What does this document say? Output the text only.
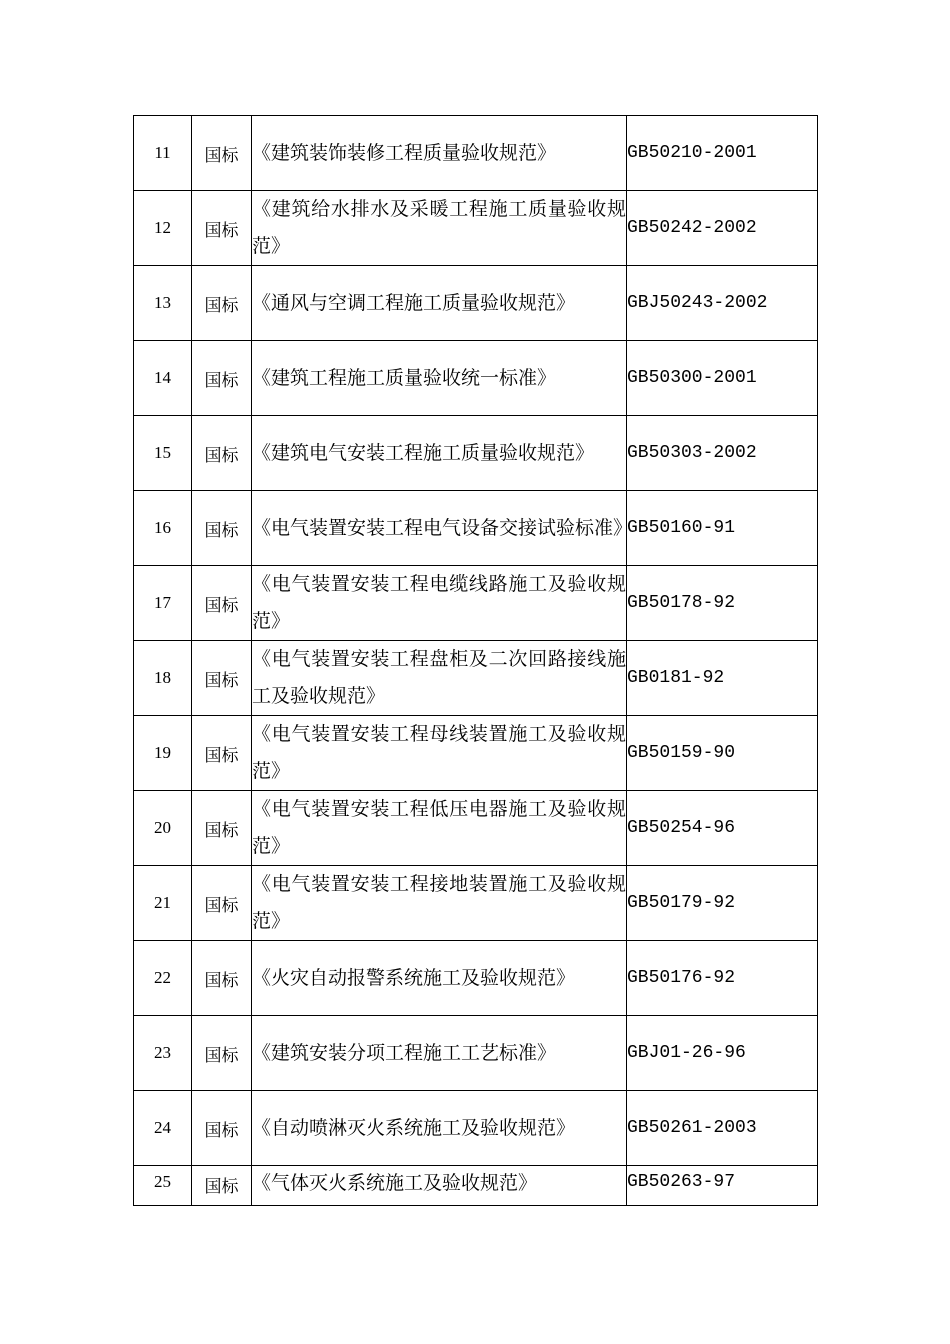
11	国标	《建筑装饰装修工程质量验收规范》	GB50210-2001
12	国标	《建筑给水排水及采暖工程施工质量验收规范》	GB50242-2002
13	国标	《通风与空调工程施工质量验收规范》	GBJ50243-2002
14	国标	《建筑工程施工质量验收统一标准》	GB50300-2001
15	国标	《建筑电气安装工程施工质量验收规范》	GB50303-2002
16	国标	《电气装置安装工程电气设备交接试验标准》	GB50160-91
17	国标	《电气装置安装工程电缆线路施工及验收规范》	GB50178-92
18	国标	《电气装置安装工程盘柜及二次回路接线施工及验收规范》	GB0181-92
19	国标	《电气装置安装工程母线装置施工及验收规范》	GB50159-90
20	国标	《电气装置安装工程低压电器施工及验收规范》	GB50254-96
21	国标	《电气装置安装工程接地装置施工及验收规范》	GB50179-92
22	国标	《火灾自动报警系统施工及验收规范》	GB50176-92
23	国标	《建筑安装分项工程施工工艺标准》	GBJ01-26-96
24	国标	《自动喷淋灭火系统施工及验收规范》	GB50261-2003
25	国标	《气体灭火系统施工及验收规范》	GB50263-97
